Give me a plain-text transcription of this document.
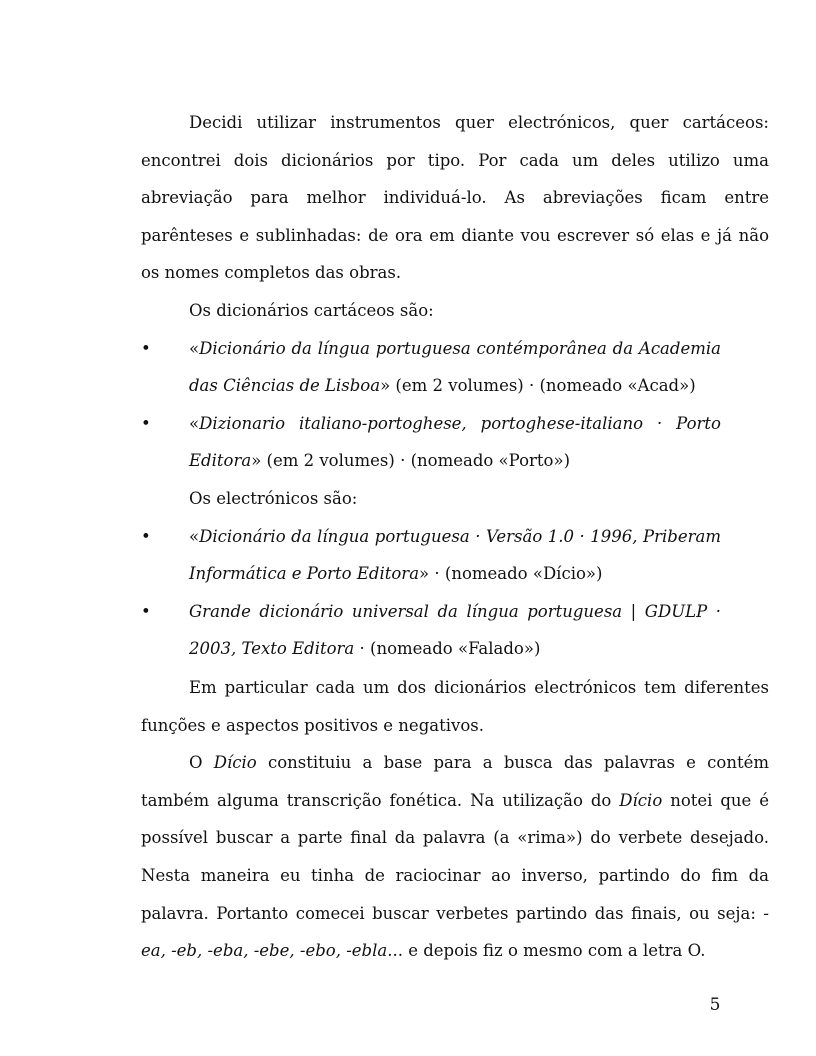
Decidi utilizar instrumentos quer electrónicos, quer cartáceos: encontrei dois dicionários por tipo. Por cada um deles utilizo uma abreviação para melhor individuá-lo. As abreviações ficam entre parênteses e sublinhadas: de ora em diante vou escrever só elas e já não os nomes completos das obras.

Os dicionários cartáceos são:
• «Dicionário da língua portuguesa contémporânea da Academia das Ciências de Lisboa» (em 2 volumes) · (nomeado «Acad»)
• «Dizionario italiano-portoghese, portoghese-italiano · Porto Editora» (em 2 volumes) · (nomeado «Porto»)
Os electrónicos são:
• «Dicionário da língua portuguesa · Versão 1.0 · 1996, Priberam Informática e Porto Editora» · (nomeado «Dício»)
• Grande dicionário universal da língua portuguesa | GDULP · 2003, Texto Editora · (nomeado «Falado»)

Em particular cada um dos dicionários electrónicos tem diferentes funções e aspectos positivos e negativos.

O Dício constituiu a base para a busca das palavras e contém também alguma transcrição fonética. Na utilização do Dício notei que é possível buscar a parte final da palavra (a «rima») do verbete desejado. Nesta maneira eu tinha de raciocinar ao inverso, partindo do fim da palavra. Portanto comecei buscar verbetes partindo das finais, ou seja: -ea, -eb, -eba, -ebe, -ebo, -ebla... e depois fiz o mesmo com a letra O.

5
